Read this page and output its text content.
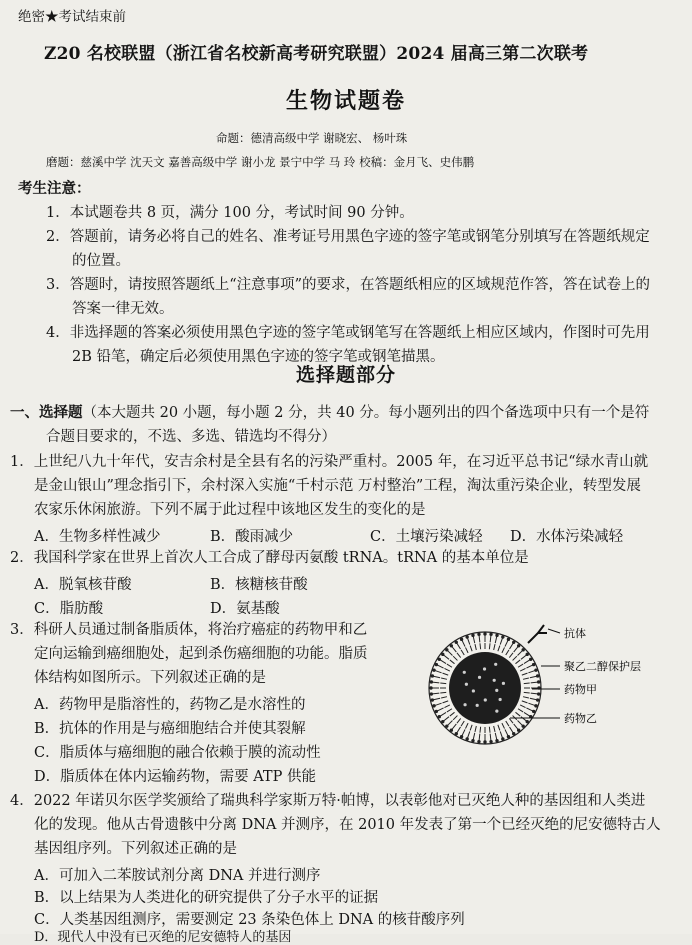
绝密★考试结束前
Z20 名校联盟（浙江省名校新高考研究联盟）2024 届高三第二次联考
生物试题卷
命题：德清高级中学 谢晓宏、 杨叶珠
磨题：慈溪中学 沈天文 嘉善高级中学 谢小龙 景宁中学 马 玲 校稿：金月飞、史伟鹏
考生注意：
1．本试题卷共 8 页，满分 100 分，考试时间 90 分钟。
2．答题前，请务必将自己的姓名、准考证号用黑色字迹的签字笔或钢笔分别填写在答题纸规定
的位置。
3．答题时，请按照答题纸上“注意事项”的要求，在答题纸相应的区域规范作答，答在试卷上的
答案一律无效。
4．非选择题的答案必须使用黑色字迹的签字笔或钢笔写在答题纸上相应区域内，作图时可先用
2B 铅笔，确定后必须使用黑色字迹的签字笔或钢笔描黑。
选择题部分
一、选择题（本大题共 20 小题，每小题 2 分，共 40 分。每小题列出的四个备选项中只有一个是符
合题目要求的，不选、多选、错选均不得分）
1．上世纪八九十年代，安吉余村是全县有名的污染严重村。2005 年，在习近平总书记“绿水青山就
是金山银山”理念指引下，余村深入实施“千村示范 万村整治”工程，淘汰重污染企业，转型发展
农家乐休闲旅游。下列不属于此过程中该地区发生的变化的是
A．生物多样性减少	B．酸雨减少	C．土壤污染减轻 D．水体污染减轻
2．我国科学家在世界上首次人工合成了酵母丙氨酸 tRNA。tRNA 的基本单位是
A．脱氧核苷酸	B．核糖核苷酸
C．脂肪酸	D．氨基酸
3．科研人员通过制备脂质体，将治疗癌症的药物甲和乙
定向运输到癌细胞处，起到杀伤癌细胞的功能。脂质
体结构如图所示。下列叙述正确的是
A．药物甲是脂溶性的，药物乙是水溶性的
B．抗体的作用是与癌细胞结合并使其裂解
C．脂质体与癌细胞的融合依赖于膜的流动性
D．脂质体在体内运输药物，需要 ATP 供能
抗体
聚乙二醇保护层
药物甲
药物乙
4．2022 年诺贝尔医学奖颁给了瑞典科学家斯万特·帕博，以表彰他对已灭绝人种的基因组和人类进
化的发现。他从古骨遗骸中分离 DNA 并测序，在 2010 年发表了第一个已经灭绝的尼安德特古人
基因组序列。下列叙述正确的是
A．可加入二苯胺试剂分离 DNA 并进行测序
B．以上结果为人类进化的研究提供了分子水平的证据
C．人类基因组测序，需要测定 23 条染色体上 DNA 的核苷酸序列
D．现代人中没有已灭绝的尼安德特人的基因
